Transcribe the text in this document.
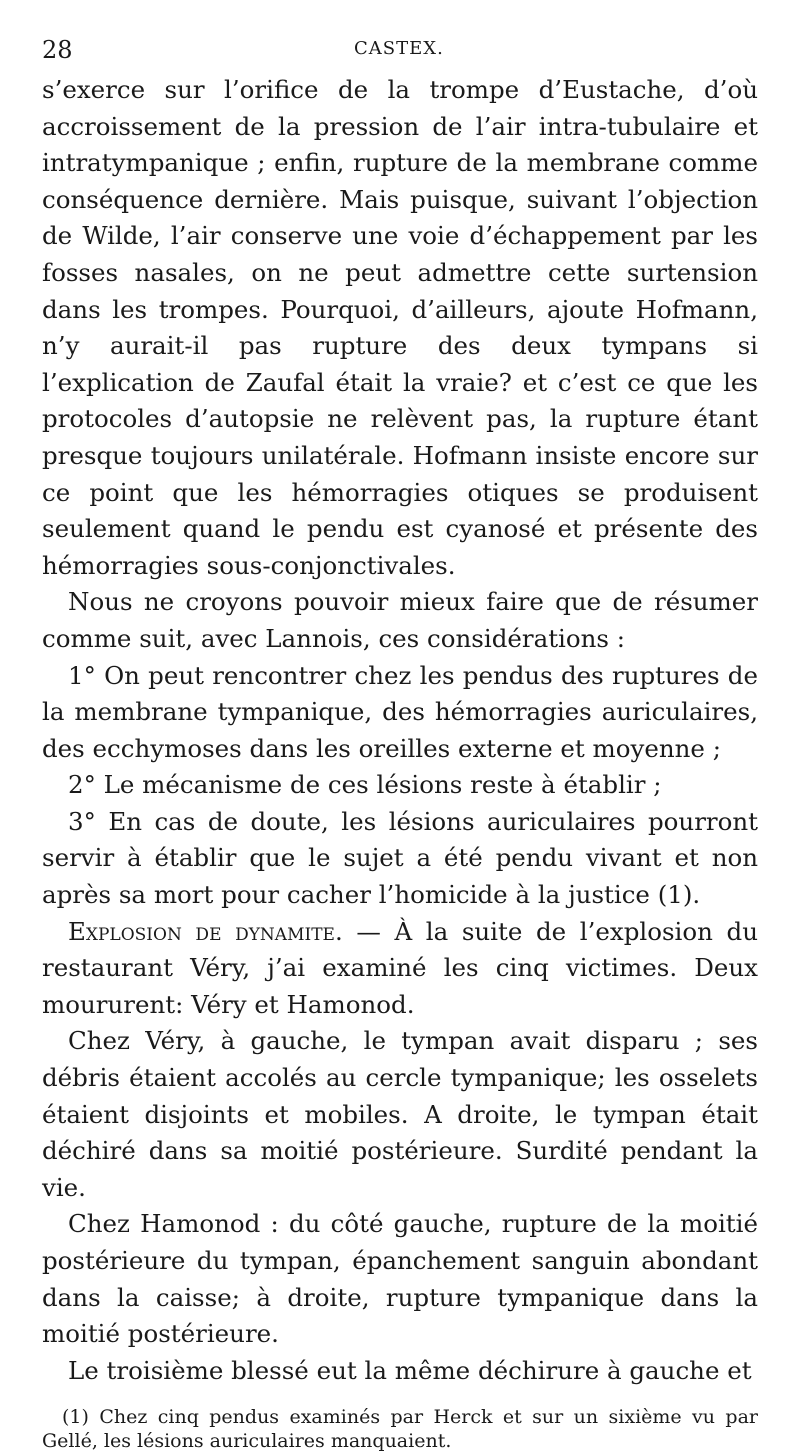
28	CASTEX.

s’exerce sur l’orifice de la trompe d’Eustache, d’où accroissement de la pression de l’air intra-tubulaire et intratympanique ; enfin, rupture de la membrane comme conséquence dernière. Mais puisque, suivant l’objection de Wilde, l’air conserve une voie d’échappement par les fosses nasales, on ne peut admettre cette surtension dans les trompes. Pourquoi, d’ailleurs, ajoute Hofmann, n’y aurait-il pas rupture des deux tympans si l’explication de Zaufal était la vraie? et c’est ce que les protocoles d’autopsie ne relèvent pas, la rupture étant presque toujours unilatérale. Hofmann insiste encore sur ce point que les hémorragies otiques se produisent seulement quand le pendu est cyanosé et présente des hémorragies sous-conjonctivales.

Nous ne croyons pouvoir mieux faire que de résumer comme suit, avec Lannois, ces considérations :

1° On peut rencontrer chez les pendus des ruptures de la membrane tympanique, des hémorragies auriculaires, des ecchymoses dans les oreilles externe et moyenne ;

2° Le mécanisme de ces lésions reste à établir ;

3° En cas de doute, les lésions auriculaires pourront servir à établir que le sujet a été pendu vivant et non après sa mort pour cacher l’homicide à la justice (1).

Explosion de dynamite. — À la suite de l’explosion du restaurant Véry, j’ai examiné les cinq victimes. Deux moururent: Véry et Hamonod.

Chez Véry, à gauche, le tympan avait disparu ; ses débris étaient accolés au cercle tympanique; les osselets étaient disjoints et mobiles. A droite, le tympan était déchiré dans sa moitié postérieure. Surdité pendant la vie.

Chez Hamonod : du côté gauche, rupture de la moitié postérieure du tympan, épanchement sanguin abondant dans la caisse; à droite, rupture tympanique dans la moitié postérieure.

Le troisième blessé eut la même déchirure à gauche et

(1) Chez cinq pendus examinés par Herck et sur un sixième vu par Gellé, les lésions auriculaires manquaient.
